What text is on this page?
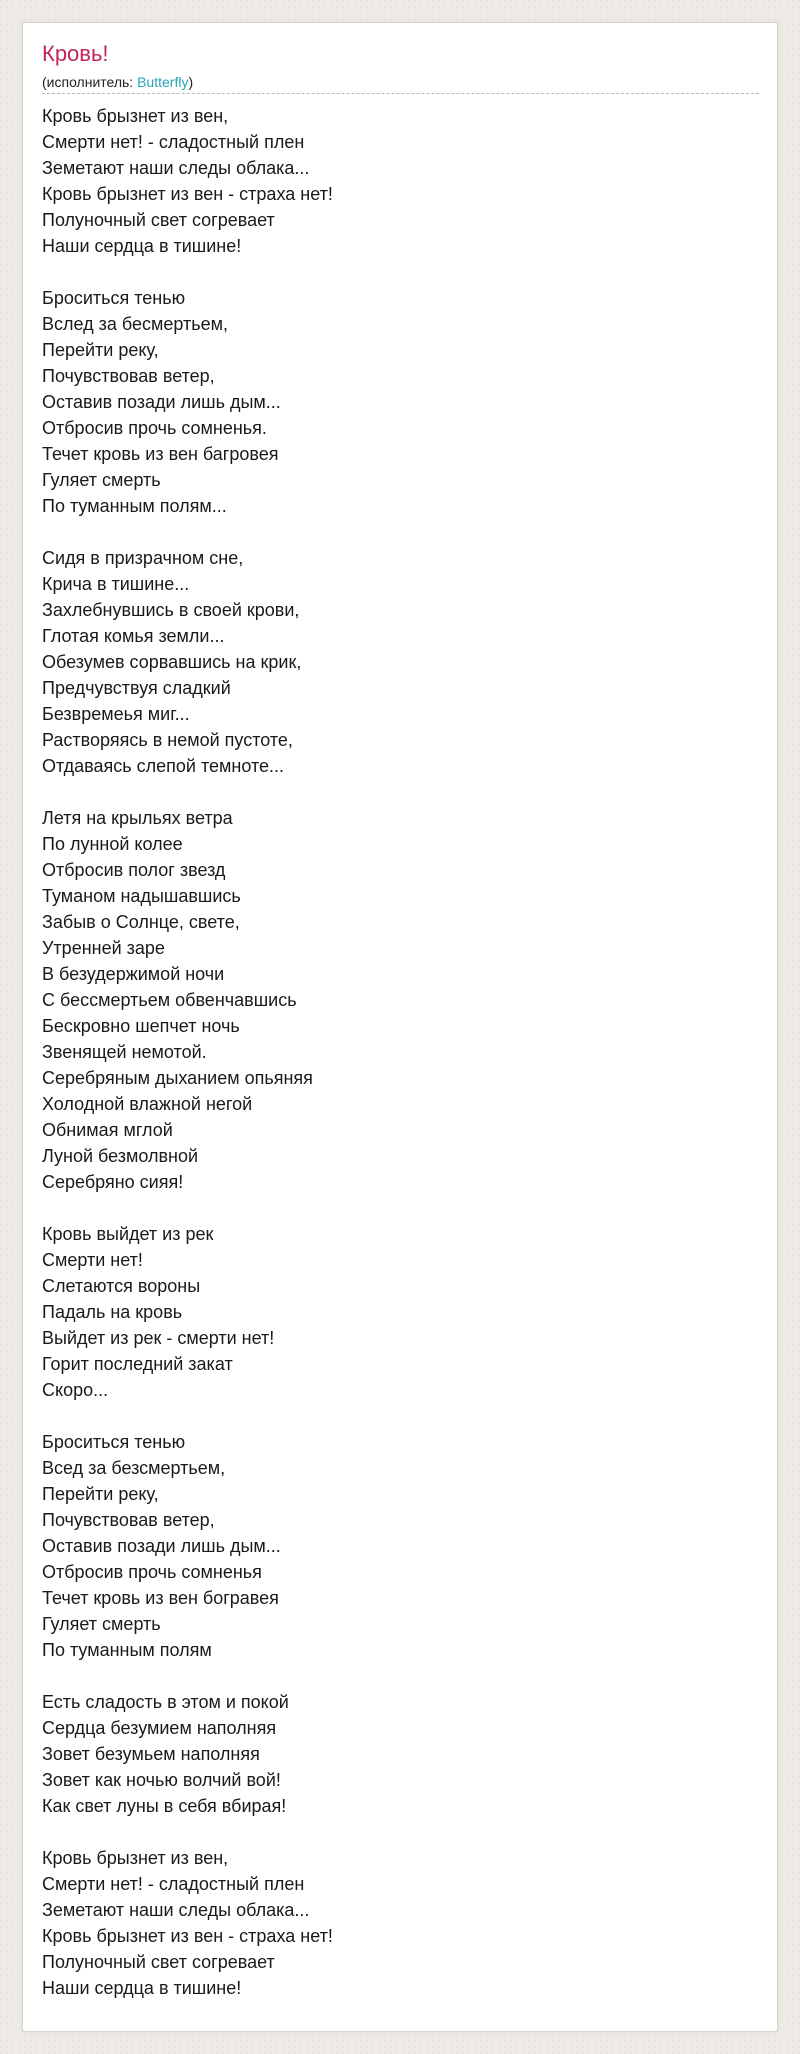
Кровь!
(исполнитель: Butterfly)
Кровь брызнет из вен,
Смерти нет! - сладостный плен
Земетают наши следы облака...
Кровь брызнет из вен - страха нет!
Полуночный свет согревает
Наши сердца в тишине!
Броситься тенью
Вслед за бесмертьем,
Перейти реку,
Почувствовав ветер,
Оставив позади лишь дым...
Отбросив прочь сомненья.
Течет кровь из вен багровея
Гуляет смерть
По туманным полям...
Сидя в призрачном сне,
Крича в тишине...
Захлебнувшись в своей крови,
Глотая комья земли...
Обезумев сорвавшись на крик,
Предчувствуя сладкий
Безвремеья миг...
Растворяясь в немой пустоте,
Отдаваясь слепой темноте...
Летя на крыльях ветра
По лунной колее
Отбросив полог звезд
Туманом надышавшись
Забыв о Солнце, свете,
Утренней заре
В безудержимой ночи
С бессмертьем обвенчавшись
Бескровно шепчет ночь
Звенящей немотой.
Серебряным дыханием опьяняя
Холодной влажной негой
Обнимая мглой
Луной безмолвной
Серебряно сияя!
Кровь выйдет из рек
Смерти нет!
Слетаются вороны
Падаль на кровь
Выйдет из рек - смерти нет!
Горит последний закат
Скоро...
Броситься тенью
Всед за безсмертьем,
Перейти реку,
Почувствовав ветер,
Оставив позади лишь дым...
Отбросив прочь сомненья
Течет кровь из вен богравея
Гуляет смерть
По туманным полям
Есть сладость в этом и покой
Сердца безумием наполняя
Зовет безумьем наполняя
Зовет как ночью волчий вой!
Как свет луны в себя вбирая!
Кровь брызнет из вен,
Смерти нет! - сладостный плен
Земетают наши следы облака...
Кровь брызнет из вен - страха нет!
Полуночный свет согревает
Наши сердца в тишине!
